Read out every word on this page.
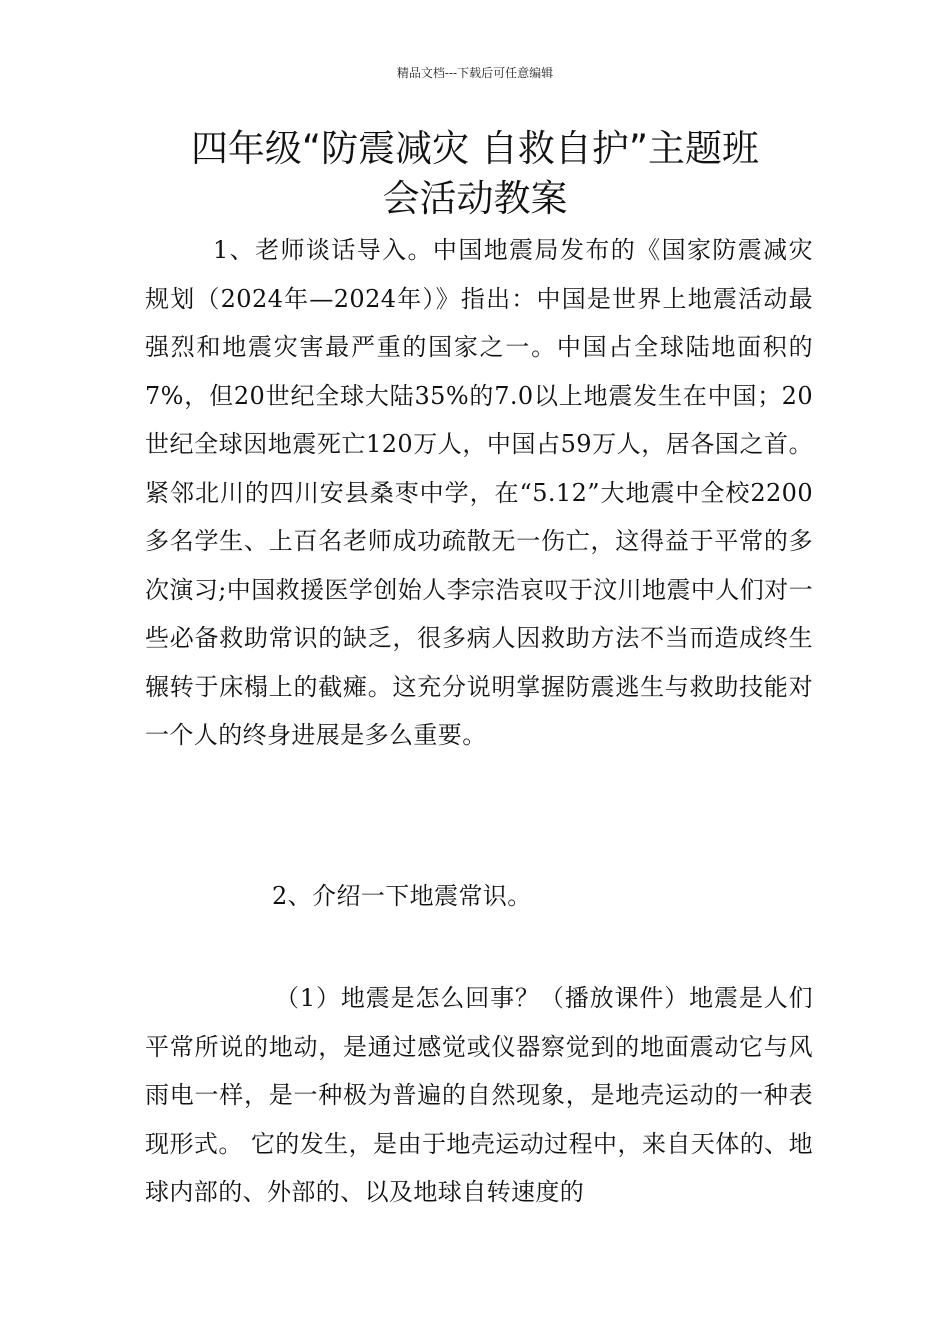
精品文档---下载后可任意编辑
四年级“防震减灾 自救自护”主题班
会活动教案

1、老师谈话导入。中国地震局发布的《国家防震减灾规划（2024年—2024年）》指出：中国是世界上地震活动最强烈和地震灾害最严重的国家之一。中国占全球陆地面积的7%，但20世纪全球大陆35%的7.0以上地震发生在中国；20世纪全球因地震死亡120万人，中国占59万人，居各国之首。紧邻北川的四川安县桑枣中学，在“5.12”大地震中全校2200多名学生、上百名老师成功疏散无一伤亡，这得益于平常的多次演习;中国救援医学创始人李宗浩哀叹于汶川地震中人们对一些必备救助常识的缺乏，很多病人因救助方法不当而造成终生辗转于床榻上的截瘫。这充分说明掌握防震逃生与救助技能对一个人的终身进展是多么重要。

2、介绍一下地震常识。

（1）地震是怎么回事？（播放课件）地震是人们平常所说的地动，是通过感觉或仪器察觉到的地面震动它与风雨电一样，是一种极为普遍的自然现象，是地壳运动的一种表现形式。 它的发生，是由于地壳运动过程中，来自天体的、地球内部的、外部的、以及地球自转速度的
